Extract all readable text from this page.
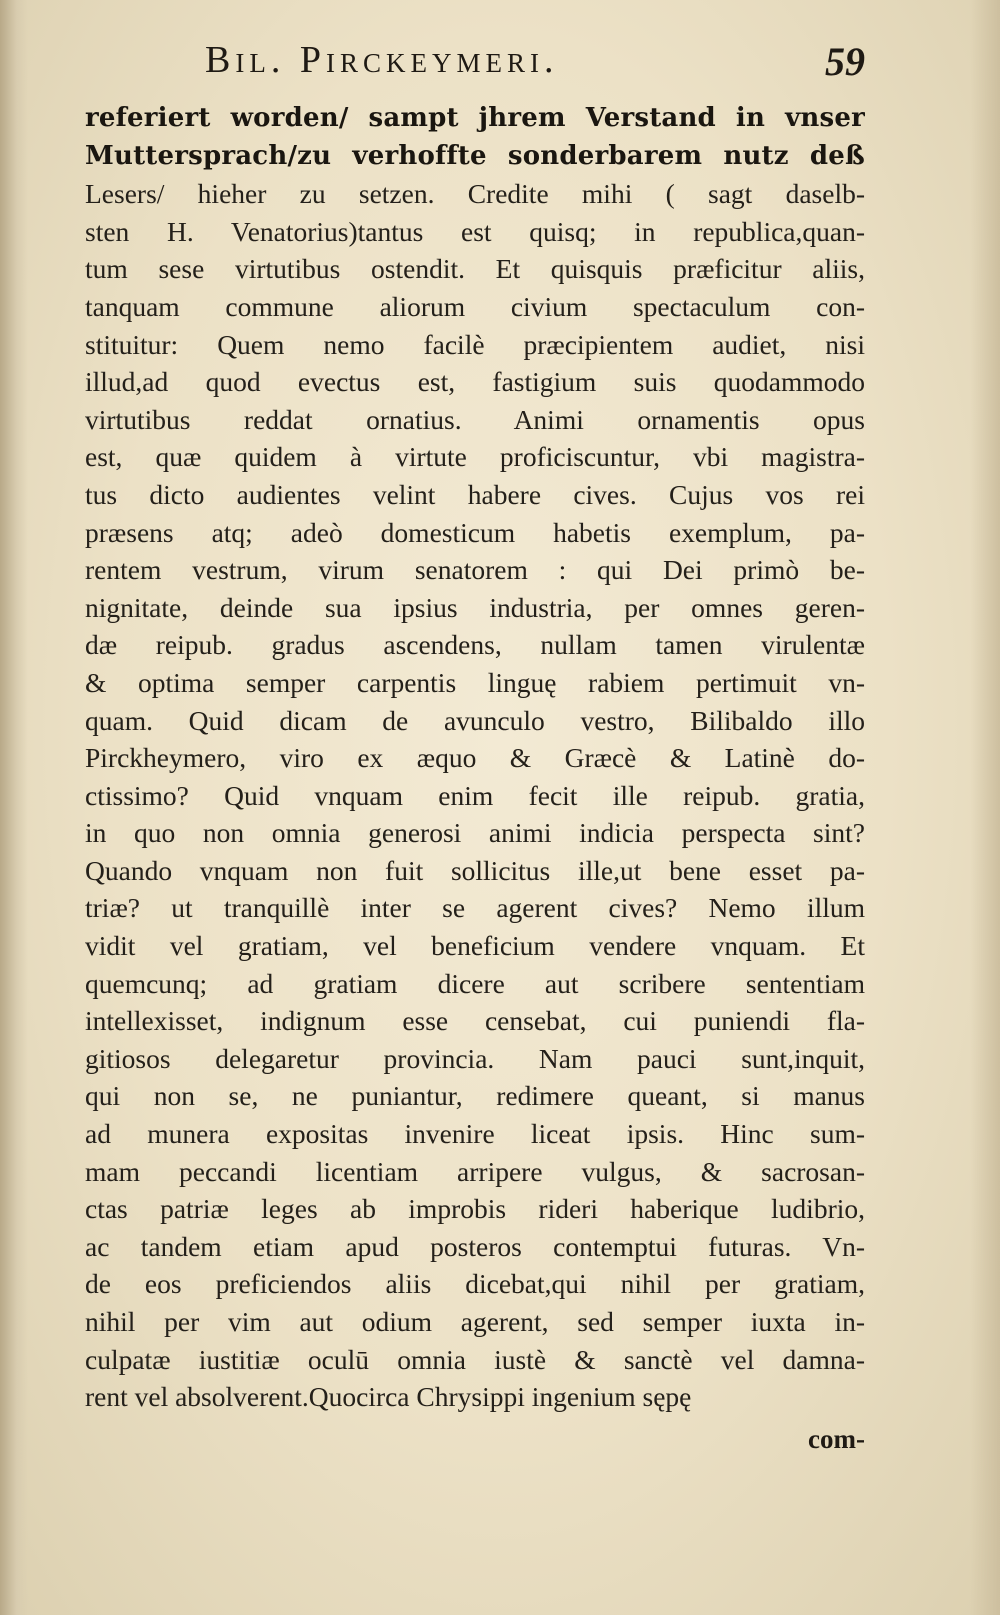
Bil. Pirckeymeri.	59
referiert worden/ sampt jhrem Verstand in vnser
Muttersprach/zu verhoffte sonderbarem nutz deß
Lesers/ hieher zu setzen. Credite mihi ( sagt daselb-
sten H. Venatorius)tantus est quisq; in republica,quan-
tum sese virtutibus ostendit. Et quisquis præficitur aliis,
tanquam commune aliorum civium spectaculum con-
stituitur: Quem nemo facilè præcipientem audiet, nisi
illud,ad quod evectus est, fastigium suis quodammodo
virtutibus reddat ornatius. Animi ornamentis opus
est, quæ quidem à virtute proficiscuntur, vbi magistra-
tus dicto audientes velint habere cives. Cujus vos rei
præsens atq; adeò domesticum habetis exemplum, pa-
rentem vestrum, virum senatorem : qui Dei primò be-
nignitate, deinde sua ipsius industria, per omnes geren-
dæ reipub. gradus ascendens, nullam tamen virulentæ
& optima semper carpentis linguę rabiem pertimuit vn-
quam. Quid dicam de avunculo vestro, Bilibaldo illo
Pirckheymero, viro ex æquo & Græcè & Latinè do-
ctissimo? Quid vnquam enim fecit ille reipub. gratia,
in quo non omnia generosi animi indicia perspecta sint?
Quando vnquam non fuit sollicitus ille,ut bene esset pa-
triæ? ut tranquillè inter se agerent cives? Nemo illum
vidit vel gratiam, vel beneficium vendere vnquam. Et
quemcunq; ad gratiam dicere aut scribere sententiam
intellexisset, indignum esse censebat, cui puniendi fla-
gitiosos delegaretur provincia. Nam pauci sunt,inquit,
qui non se, ne puniantur, redimere queant, si manus
ad munera expositas invenire liceat ipsis. Hinc sum-
mam peccandi licentiam arripere vulgus, & sacrosan-
ctas patriæ leges ab improbis rideri haberique ludibrio,
ac tandem etiam apud posteros contemptui futuras. Vn-
de eos preficiendos aliis dicebat,qui nihil per gratiam,
nihil per vim aut odium agerent, sed semper iuxta in-
culpatæ iustitiæ oculū omnia iustè & sanctè vel damna-
rent vel absolverent.Quocirca Chrysippi ingenium sępę
com-
